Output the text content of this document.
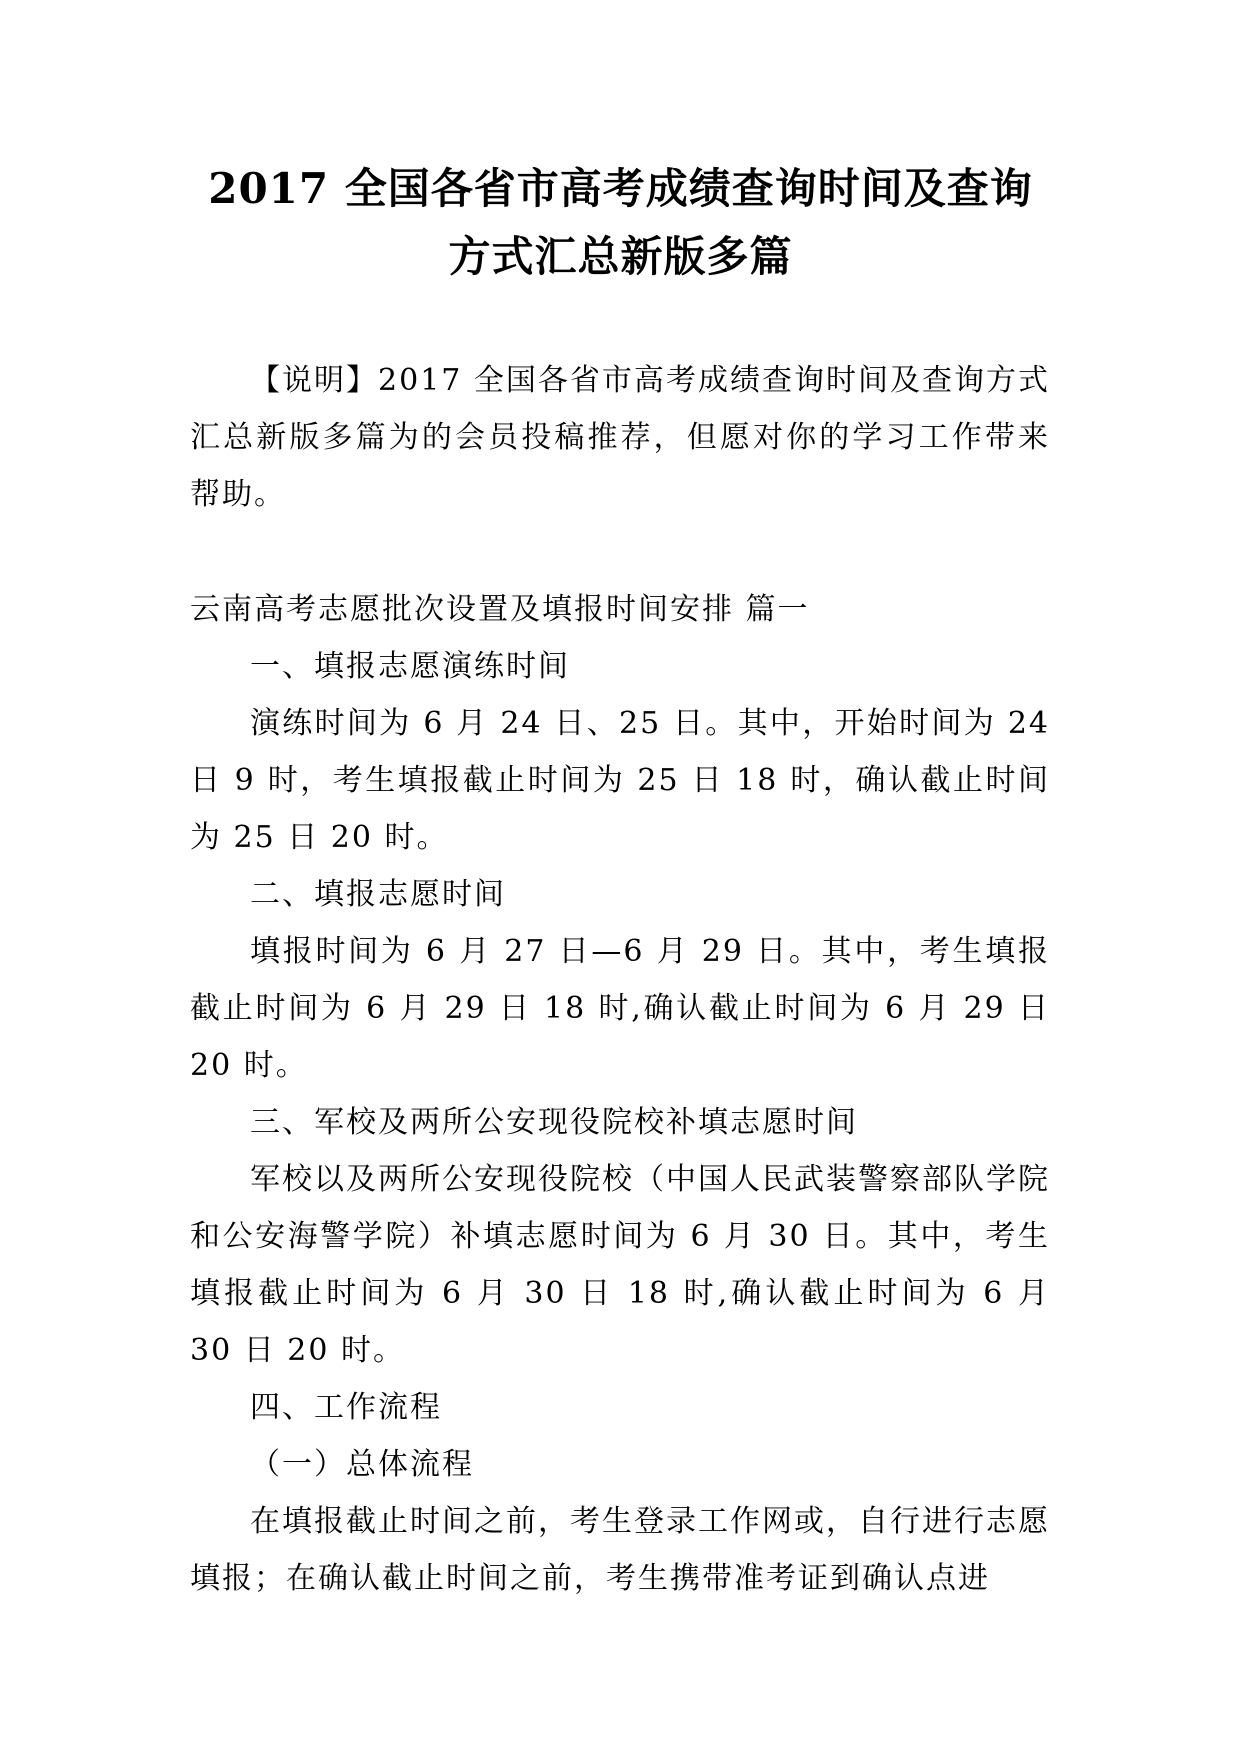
2017 全国各省市高考成绩查询时间及查询
方式汇总新版多篇

【说明】2017 全国各省市高考成绩查询时间及查询方式汇总新版多篇为的会员投稿推荐，但愿对你的学习工作带来帮助。

云南高考志愿批次设置及填报时间安排 篇一

一、填报志愿演练时间

演练时间为 6 月 24 日、25 日。其中，开始时间为 24 日 9 时，考生填报截止时间为 25 日 18 时，确认截止时间为 25 日 20 时。

二、填报志愿时间

填报时间为 6 月 27 日—6 月 29 日。其中，考生填报截止时间为 6 月 29 日 18 时,确认截止时间为 6 月 29 日 20 时。

三、军校及两所公安现役院校补填志愿时间

军校以及两所公安现役院校（中国人民武装警察部队学院和公安海警学院）补填志愿时间为 6 月 30 日。其中，考生填报截止时间为 6 月 30 日 18 时,确认截止时间为 6 月 30 日 20 时。

四、工作流程

（一）总体流程

在填报截止时间之前，考生登录工作网或，自行进行志愿填报；在确认截止时间之前，考生携带准考证到确认点进
